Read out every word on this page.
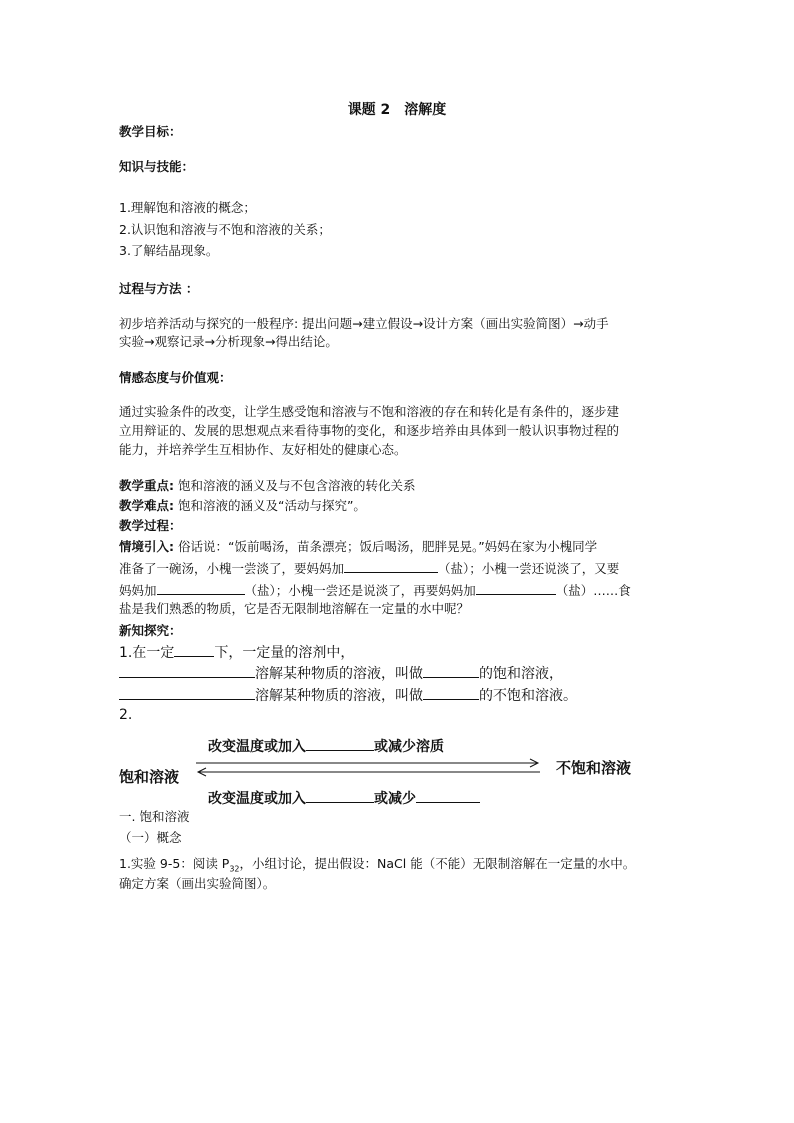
课题 2　溶解度
教学目标：
知识与技能：
1.理解饱和溶液的概念；
2.认识饱和溶液与不饱和溶液的关系；
3.了解结晶现象。
过程与方法 ：
初步培养活动与探究的一般程序: 提出问题→建立假设→设计方案（画出实验简图）→动手
实验→观察记录→分析现象→得出结论。
情感态度与价值观：
通过实验条件的改变，让学生感受饱和溶液与不饱和溶液的存在和转化是有条件的，逐步建
立用辩证的、发展的思想观点来看待事物的变化，和逐步培养由具体到一般认识事物过程的
能力，并培养学生互相协作、友好相处的健康心态。
教学重点: 饱和溶液的涵义及与不包含溶液的转化关系
教学难点: 饱和溶液的涵义及“活动与探究”。
教学过程：
情境引入: 俗话说：“饭前喝汤，苗条漂亮；饭后喝汤，肥胖晃晃。”妈妈在家为小槐同学
准备了一碗汤，小槐一尝淡了，要妈妈加	（盐）；小槐一尝还说淡了，又要
妈妈加	（盐）；小槐一尝还是说淡了，再要妈妈加	（盐）……食
盐是我们熟悉的物质，它是否无限制地溶解在一定量的水中呢？
新知探究：
1.在一定	下，一定量的溶剂中，
溶解某种物质的溶液，叫做	的饱和溶液，
溶解某种物质的溶液，叫做	的不饱和溶液。
2.
改变温度或加入	或减少溶质
饱和溶液	不饱和溶液
改变温度或加入	或减少
一. 饱和溶液
（一）概念
1.实验 9-5：阅读 $P_{32}$，小组讨论，提出假设：NaCl 能（不能）无限制溶解在一定量的水中。
确定方案（画出实验简图）。
